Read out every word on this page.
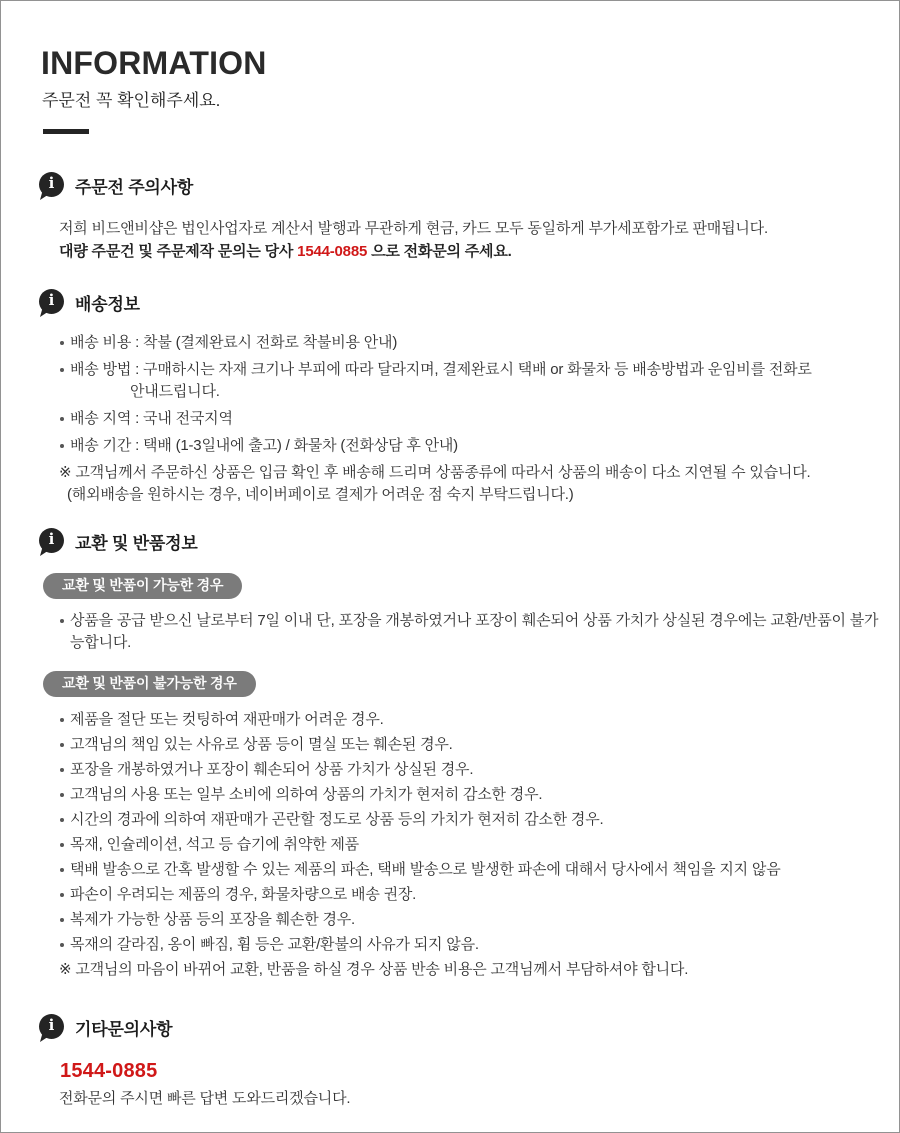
INFORMATION

주문전 꼭 확인해주세요.

i 주문전 주의사항

저희 비드앤비샵은 법인사업자로 계산서 발행과 무관하게 현금, 카드 모두 동일하게 부가세포함가로 판매됩니다.

대량 주문건 및 주문제작 문의는 당사 1544-0885 으로 전화문의 주세요.

i 배송정보
배송 비용 : 착불 (결제완료시 전화로 착불비용 안내)
배송 방법 : 구매하시는 자재 크기나 부피에 따라 달라지며, 결제완료시 택배 or 화물차 등 배송방법과 운임비를 전화로
안내드립니다.
배송 지역 : 국내 전국지역
배송 기간 : 택배 (1-3일내에 출고) / 화물차 (전화상담 후 안내)
※ 고객님께서 주문하신 상품은 입금 확인 후 배송해 드리며 상품종류에 따라서 상품의 배송이 다소 지연될 수 있습니다.
(해외배송을 원하시는 경우, 네이버페이로 결제가 어려운 점 숙지 부탁드립니다.)
i 교환 및 반품정보
교환 및 반품이 가능한 경우
상품을 공급 받으신 날로부터 7일 이내 단, 포장을 개봉하였거나 포장이 훼손되어 상품 가치가 상실된 경우에는 교환/반품이 불가능합니다.
교환 및 반품이 불가능한 경우
제품을 절단 또는 컷팅하여 재판매가 어려운 경우.
고객님의 책임 있는 사유로 상품 등이 멸실 또는 훼손된 경우.
포장을 개봉하였거나 포장이 훼손되어 상품 가치가 상실된 경우.
고객님의 사용 또는 일부 소비에 의하여 상품의 가치가 현저히 감소한 경우.
시간의 경과에 의하여 재판매가 곤란할 정도로 상품 등의 가치가 현저히 감소한 경우.
목재, 인슐레이션, 석고 등 습기에 취약한 제품
택배 발송으로 간혹 발생할 수 있는 제품의 파손, 택배 발송으로 발생한 파손에 대해서 당사에서 책임을 지지 않음
파손이 우려되는 제품의 경우, 화물차량으로 배송 권장.
복제가 가능한 상품 등의 포장을 훼손한 경우.
목재의 갈라짐, 옹이 빠짐, 휨 등은 교환/환불의 사유가 되지 않음.
※ 고객님의 마음이 바뀌어 교환, 반품을 하실 경우 상품 반송 비용은 고객님께서 부담하셔야 합니다.
i 기타문의사항
1544-0885
전화문의 주시면 빠른 답변 도와드리겠습니다.
